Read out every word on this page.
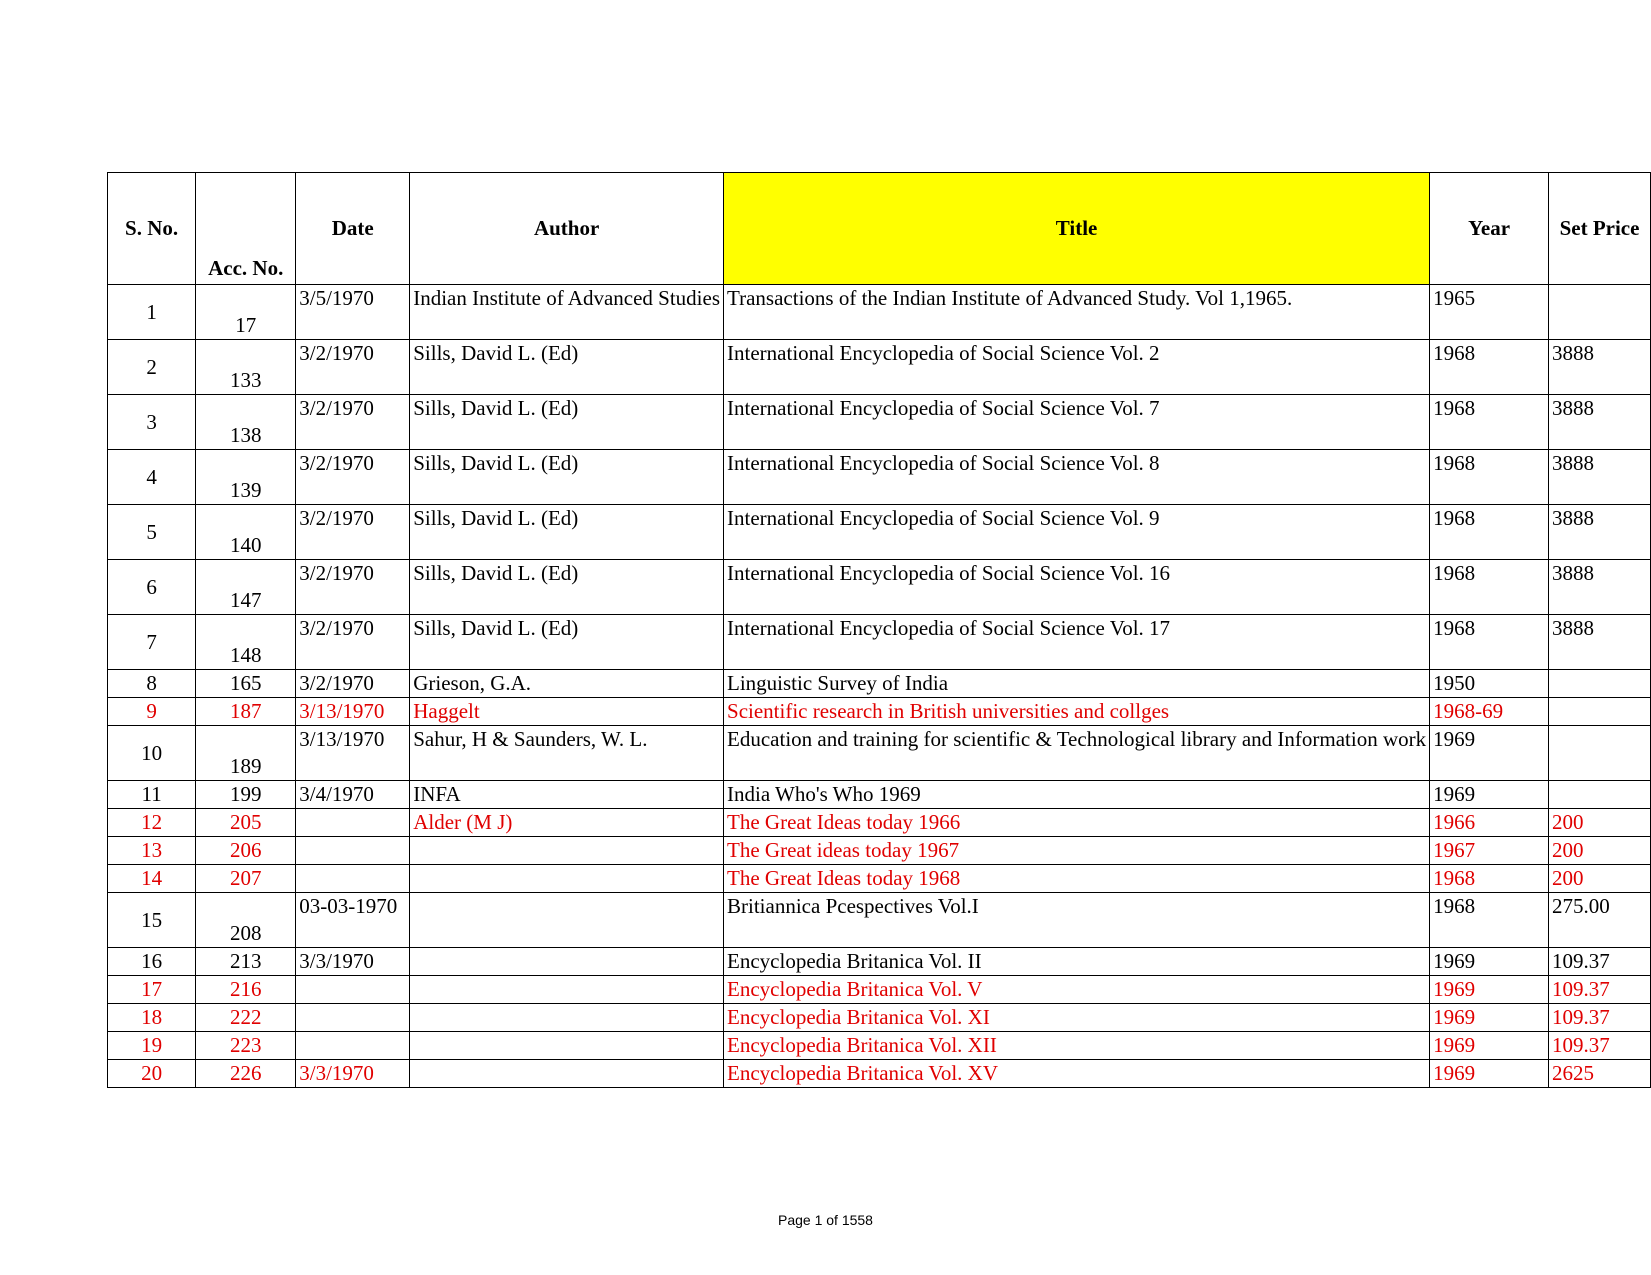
S. No.	Acc. No.	Date	Author	Title	Year	Set Price
1	17	3/5/1970	Indian Institute of Advanced Studies	Transactions of the Indian Institute of Advanced Study. Vol 1,1965.	1965	
2	133	3/2/1970	Sills, David L. (Ed)	International Encyclopedia of Social Science Vol. 2	1968	3888
3	138	3/2/1970	Sills, David L. (Ed)	International Encyclopedia of Social Science Vol. 7	1968	3888
4	139	3/2/1970	Sills, David L. (Ed)	International Encyclopedia of Social Science Vol. 8	1968	3888
5	140	3/2/1970	Sills, David L. (Ed)	International Encyclopedia of Social Science Vol. 9	1968	3888
6	147	3/2/1970	Sills, David L. (Ed)	International Encyclopedia of Social Science Vol. 16	1968	3888
7	148	3/2/1970	Sills, David L. (Ed)	International Encyclopedia of Social Science Vol. 17	1968	3888
8	165	3/2/1970	Grieson, G.A.	Linguistic Survey of India	1950	
9	187	3/13/1970	Haggelt	Scientific research in British universities and collges	1968-69	
10	189	3/13/1970	Sahur, H & Saunders, W. L.	Education and training for scientific & Technological library and Information work	1969	
11	199	3/4/1970	INFA	India Who's Who 1969	1969	
12	205		Alder (M J)	The Great Ideas today 1966	1966	200
13	206			The Great ideas today 1967	1967	200
14	207			The Great Ideas today 1968	1968	200
15	208	03-03-1970		Britiannica Pcespectives Vol.I	1968	275.00
16	213	3/3/1970		Encyclopedia Britanica Vol. II	1969	109.37
17	216			Encyclopedia Britanica Vol. V	1969	109.37
18	222			Encyclopedia Britanica Vol. XI	1969	109.37
19	223			Encyclopedia Britanica Vol. XII	1969	109.37
20	226	3/3/1970		Encyclopedia Britanica Vol. XV	1969	2625
Page 1 of 1558
